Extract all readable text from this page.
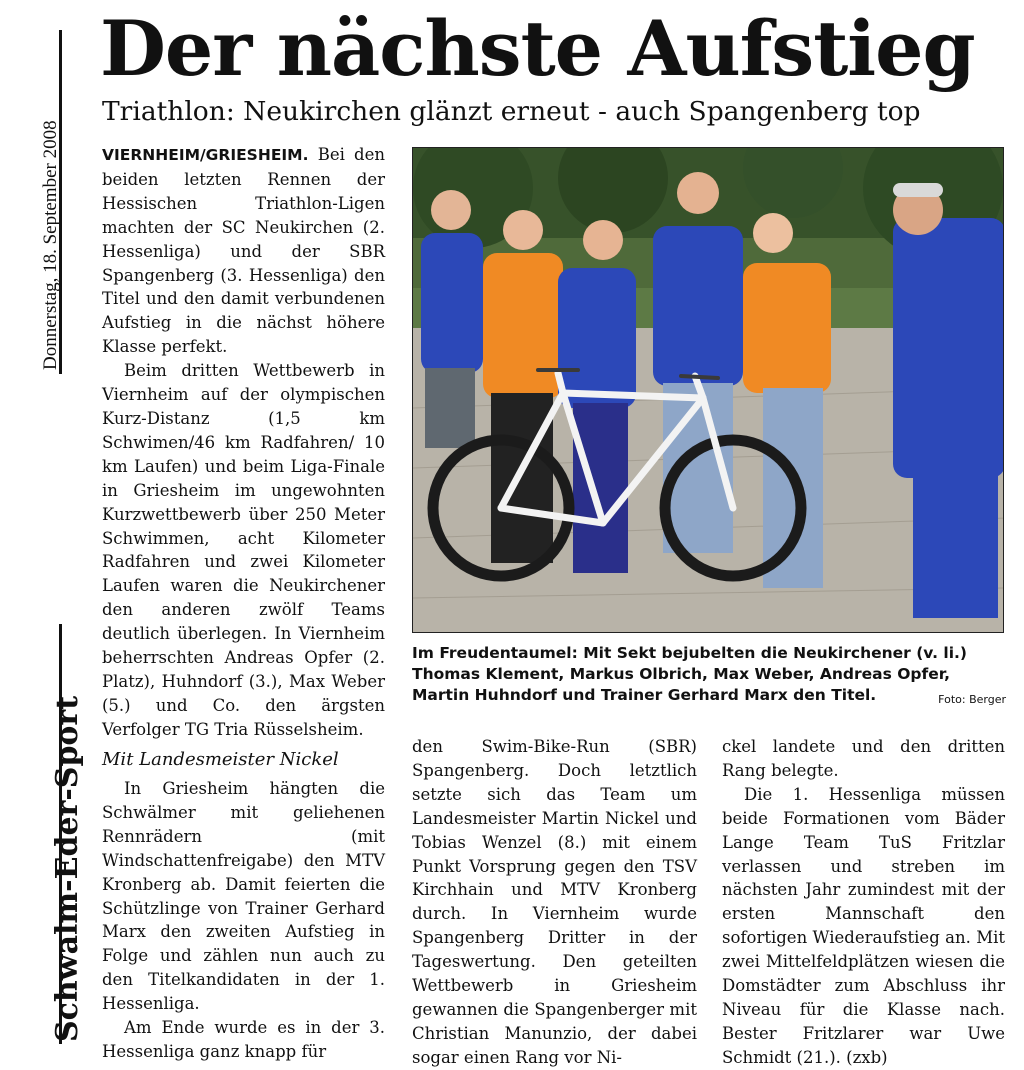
Donnerstag, 18. September 2008
Schwalm-Eder-Sport
Der nächste Aufstieg
Triathlon: Neukirchen glänzt erneut - auch Spangenberg top

VIERNHEIM/GRIESHEIM. Bei den beiden letzten Rennen der Hessischen Triathlon-Ligen machten der SC Neukirchen (2. Hessenliga) und der SBR Spangenberg (3. Hessenliga) den Titel und den damit verbundenen Aufstieg in die nächst höhere Klasse perfekt.

Beim dritten Wettbewerb in Viernheim auf der olympischen Kurz-Distanz (1,5 km Schwimen/46 km Radfahren/ 10 km Laufen) und beim Liga-Finale in Griesheim im ungewohnten Kurzwettbewerb über 250 Meter Schwimmen, acht Kilometer Radfahren und zwei Kilometer Laufen waren die Neukirchener den anderen zwölf Teams deutlich überlegen. In Viernheim beherrschten Andreas Opfer (2. Platz), Huhndorf (3.), Max Weber (5.) und Co. den ärgsten Verfolger TG Tria Rüsselsheim.

Mit Landesmeister Nickel

In Griesheim hängten die Schwälmer mit geliehenen Rennrädern (mit Windschattenfreigabe) den MTV Kronberg ab. Damit feierten die Schützlinge von Trainer Gerhard Marx den zweiten Aufstieg in Folge und zählen nun auch zu den Titelkandidaten in der 1. Hessenliga.

Am Ende wurde es in der 3. Hessenliga ganz knapp für

den Swim-Bike-Run (SBR) Spangenberg. Doch letztlich setzte sich das Team um Landesmeister Martin Nickel und Tobias Wenzel (8.) mit einem Punkt Vorsprung gegen den TSV Kirchhain und MTV Kronberg durch. In Viernheim wurde Spangenberg Dritter in der Tageswertung. Den geteilten Wettbewerb in Griesheim gewannen die Spangenberger mit Christian Manunzio, der dabei sogar einen Rang vor Ni-

ckel landete und den dritten Rang belegte.

Die 1. Hessenliga müssen beide Formationen vom Bäder Lange Team TuS Fritzlar verlassen und streben im nächsten Jahr zumindest mit der ersten Mannschaft den sofortigen Wiederaufstieg an. Mit zwei Mittelfeldplätzen wiesen die Domstädter zum Abschluss ihr Niveau für die Klasse nach. Bester Fritzlarer war Uwe Schmidt (21.). (zxb)

Im Freudentaumel: Mit Sekt bejubelten die Neukirchener (v. li.)

Thomas Klement, Markus Olbrich, Max Weber, Andreas Opfer,

Martin Huhndorf und Trainer Gerhard Marx den Titel.	Foto: Berger
